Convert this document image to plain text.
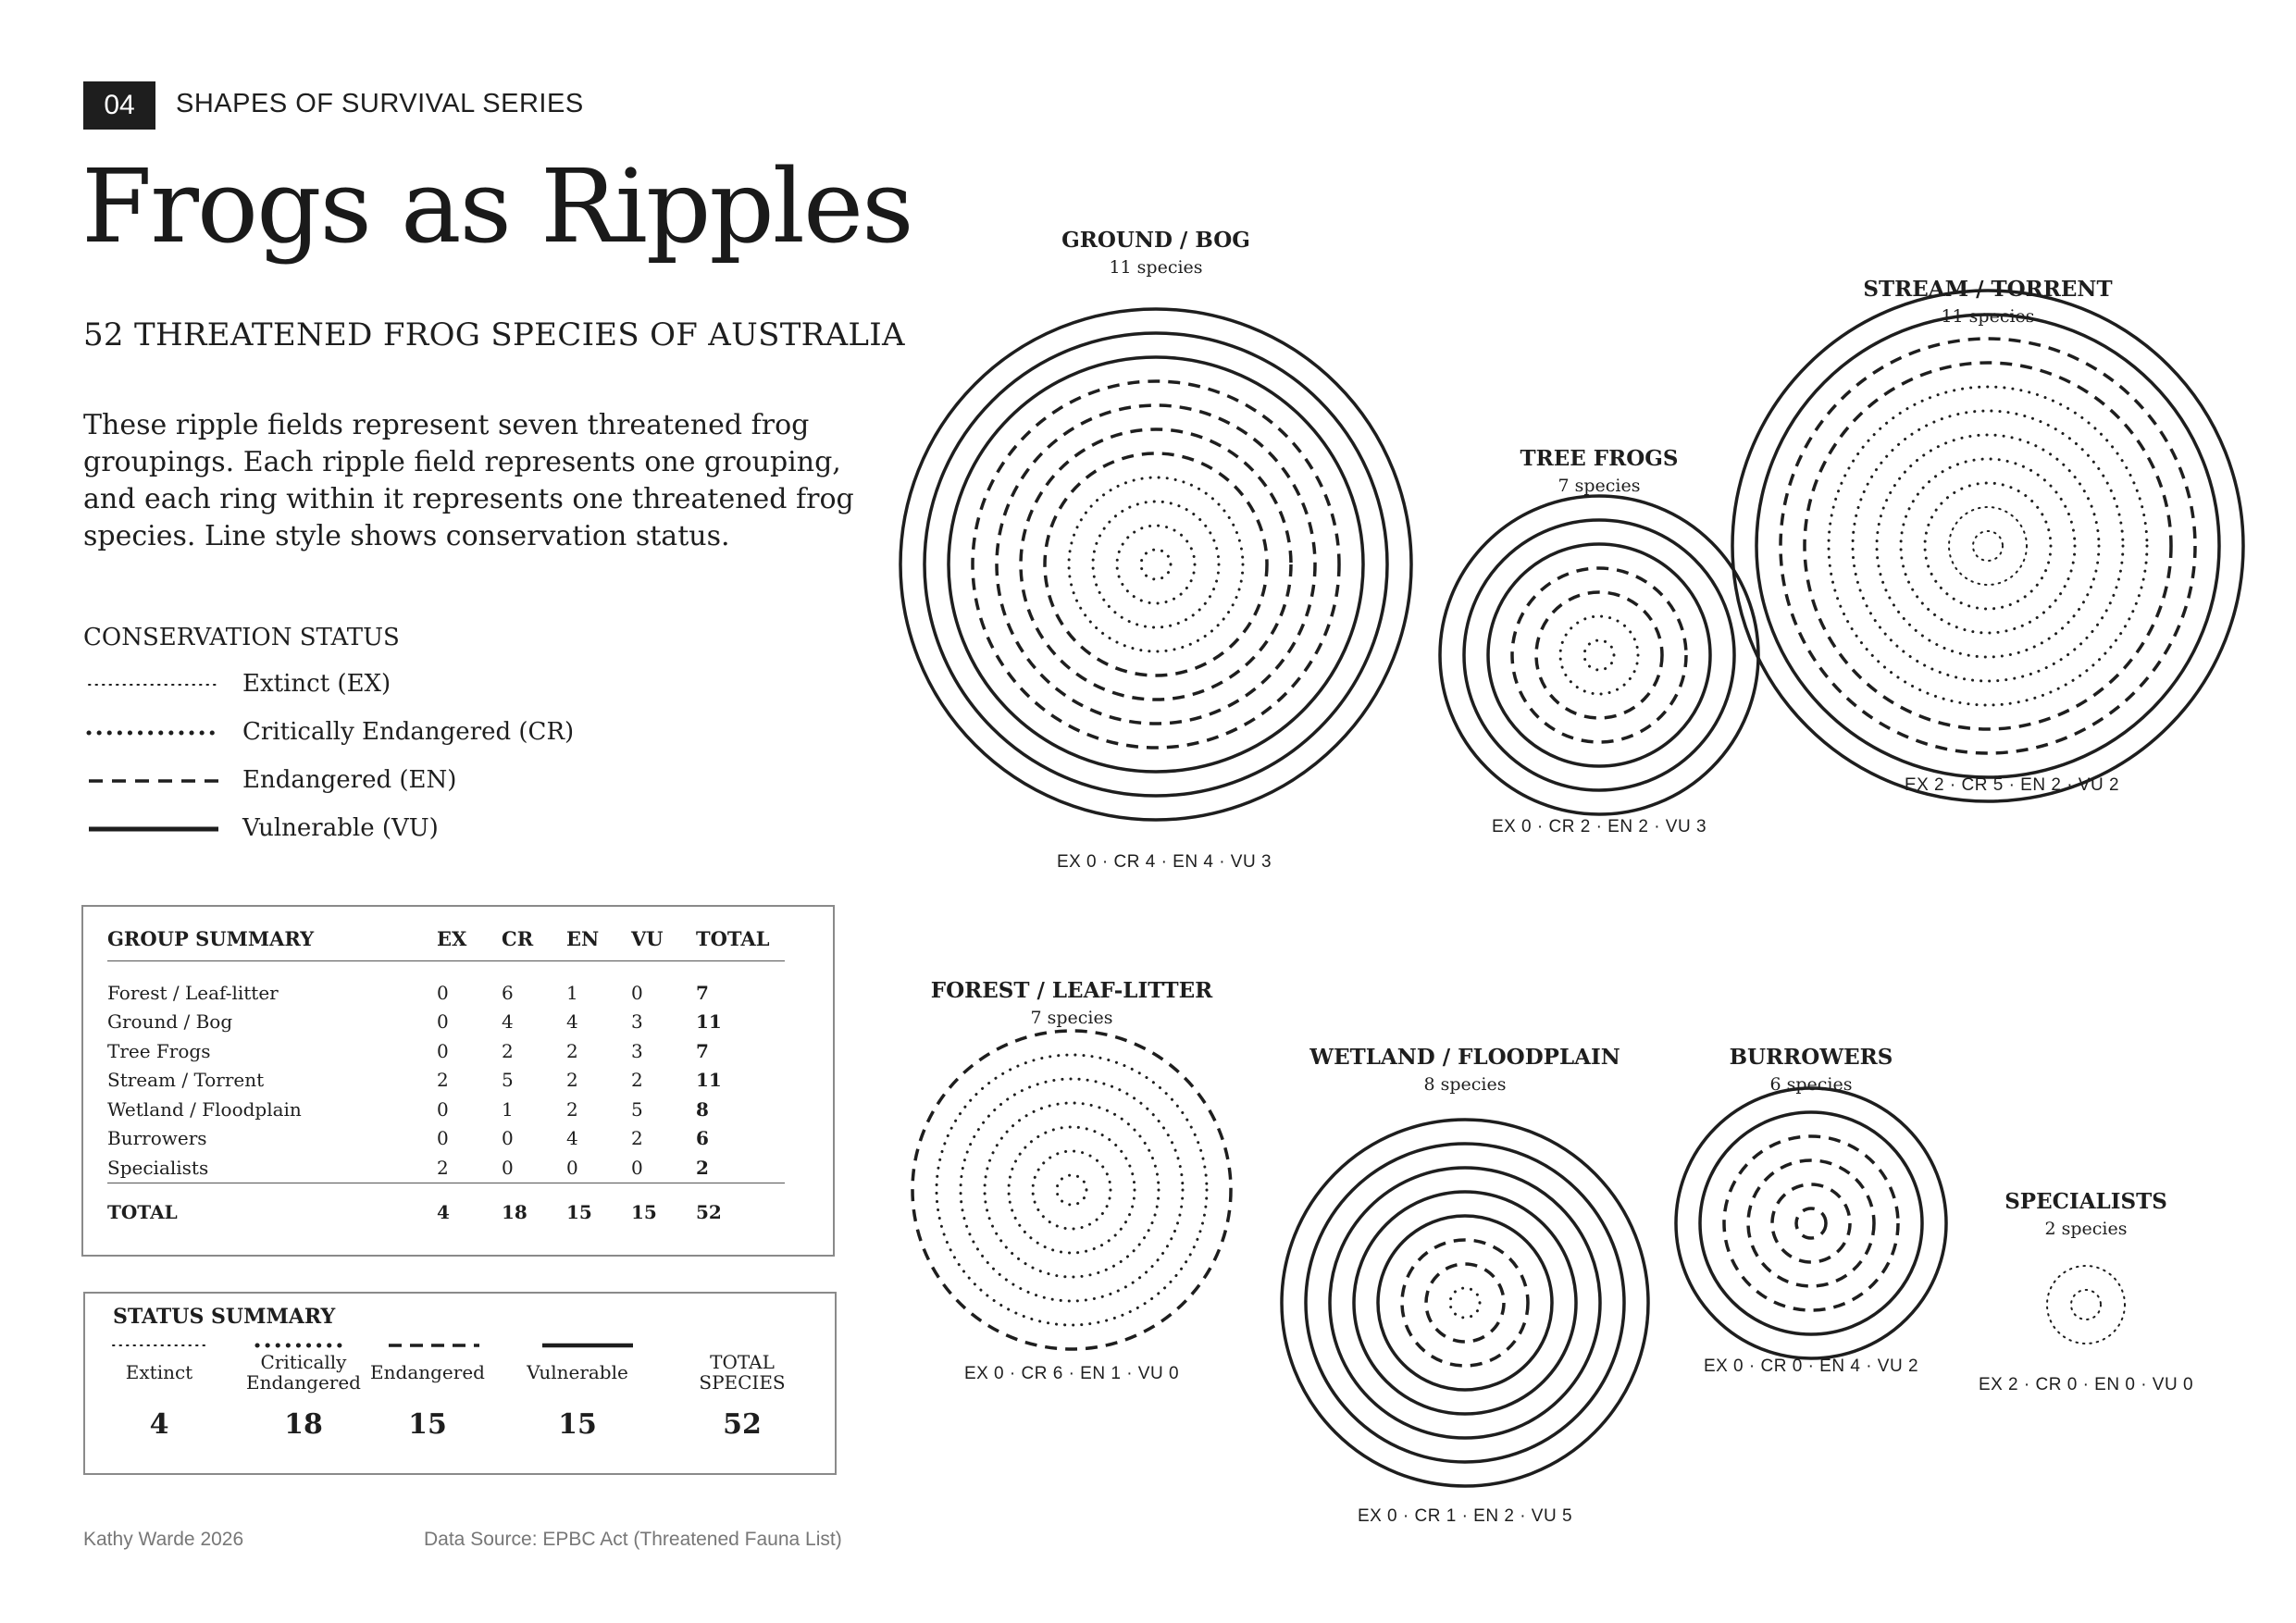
04	SHAPES OF SURVIVAL SERIES
Frogs as Ripples
52 THREATENED FROG SPECIES OF AUSTRALIA
These ripple fields represent seven threatened frog groupings. Each ripple field represents one grouping, and each ring within it represents one threatened frog species. Line style shows conservation status.
CONSERVATION STATUS
Extinct (EX)
Critically Endangered (CR)
Endangered (EN)
Vulnerable (VU)
GROUP SUMMARY	EX	CR	EN	VU	TOTAL
Forest / Leaf-litter	0	6	1	0	7
Ground / Bog	0	4	4	3	11
Tree Frogs	0	2	2	3	7
Stream / Torrent	2	5	2	2	11
Wetland / Floodplain	0	1	2	5	8
Burrowers	0	0	4	2	6
Specialists	2	0	0	0	2
TOTAL	4	18	15	15	52
STATUS SUMMARY
Extinct
4
Critically Endangered
18
Endangered
15
Vulnerable
15
TOTAL SPECIES
52
Kathy Warde 2026	Data Source: EPBC Act (Threatened Fauna List)
GROUND / BOG
11 species
EX 0 · CR 4 · EN 4 · VU 3
TREE FROGS
7 species
EX 0 · CR 2 · EN 2 · VU 3
STREAM / TORRENT
11 species
EX 2 · CR 5 · EN 2 · VU 2
FOREST / LEAF-LITTER
7 species
EX 0 · CR 6 · EN 1 · VU 0
WETLAND / FLOODPLAIN
8 species
EX 0 · CR 1 · EN 2 · VU 5
BURROWERS
6 species
EX 0 · CR 0 · EN 4 · VU 2
SPECIALISTS
2 species
EX 2 · CR 0 · EN 0 · VU 0
